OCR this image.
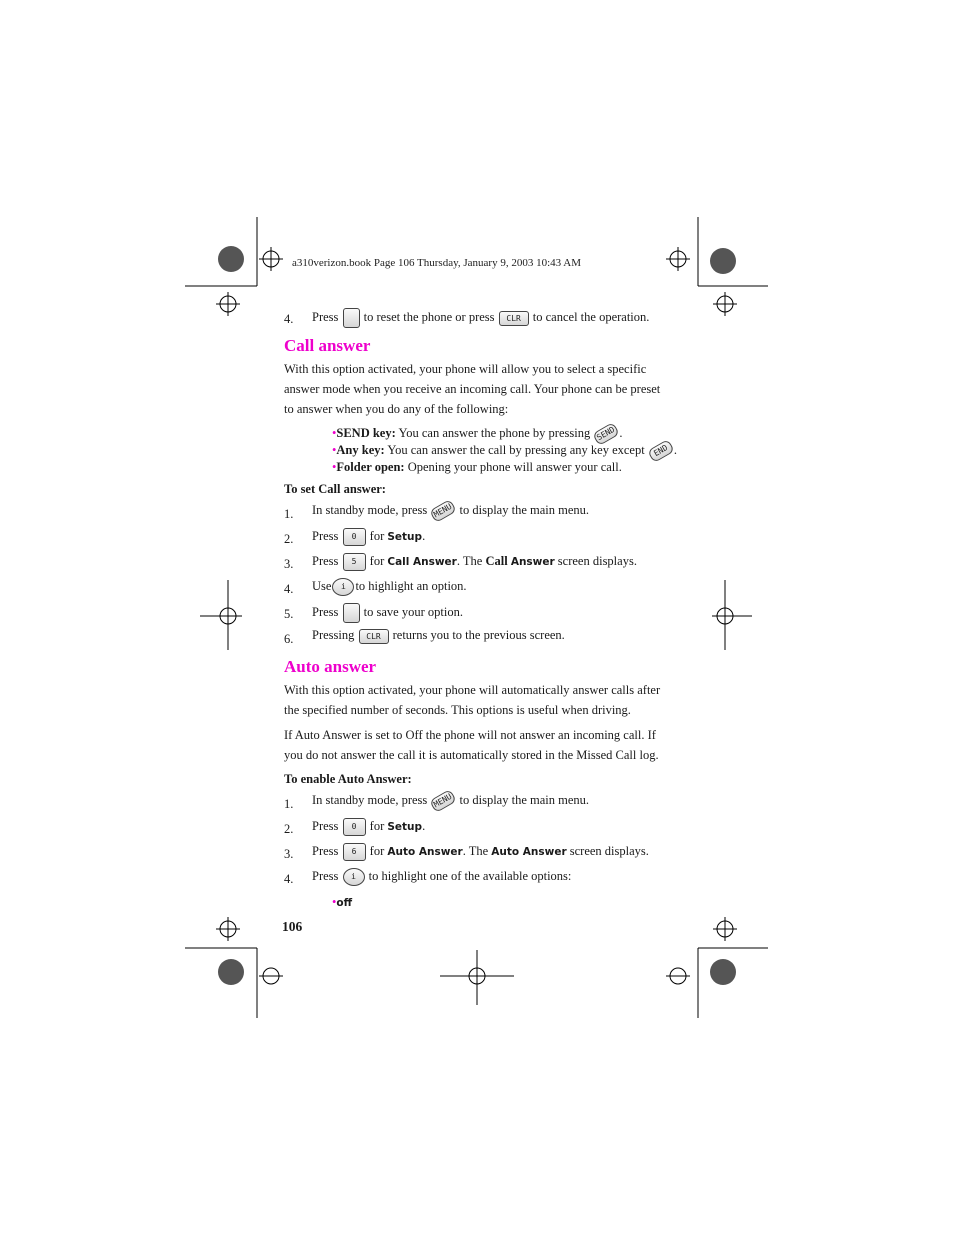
a310verizon.book Page 106 Thursday, January 9, 2003 10:43 AM
4. Press to reset the phone or press CLR to cancel the operation.
Call answer
With this option activated, your phone will allow you to select a specific answer mode when you receive an incoming call. Your phone can be preset to answer when you do any of the following:
•SEND key: You can answer the phone by pressing SEND .
•Any key: You can answer the call by pressing any key except END .
•Folder open: Opening your phone will answer your call.
To set Call answer:
1. In standby mode, press MENU to display the main menu.
2. Press 0 for Setup.
3. Press 5 for Call Answer. The Call Answer screen displays.
4. Use i to highlight an option.
5. Press to save your option.
6. Pressing CLR returns you to the previous screen.
Auto answer
With this option activated, your phone will automatically answer calls after the specified number of seconds. This options is useful when driving.
If Auto Answer is set to Off the phone will not answer an incoming call. If you do not answer the call it is automatically stored in the Missed Call log.
To enable Auto Answer:
1. In standby mode, press MENU to display the main menu.
2. Press 0 for Setup.
3. Press 6 for Auto Answer. The Auto Answer screen displays.
4. Press i to highlight one of the available options:
•off
106
